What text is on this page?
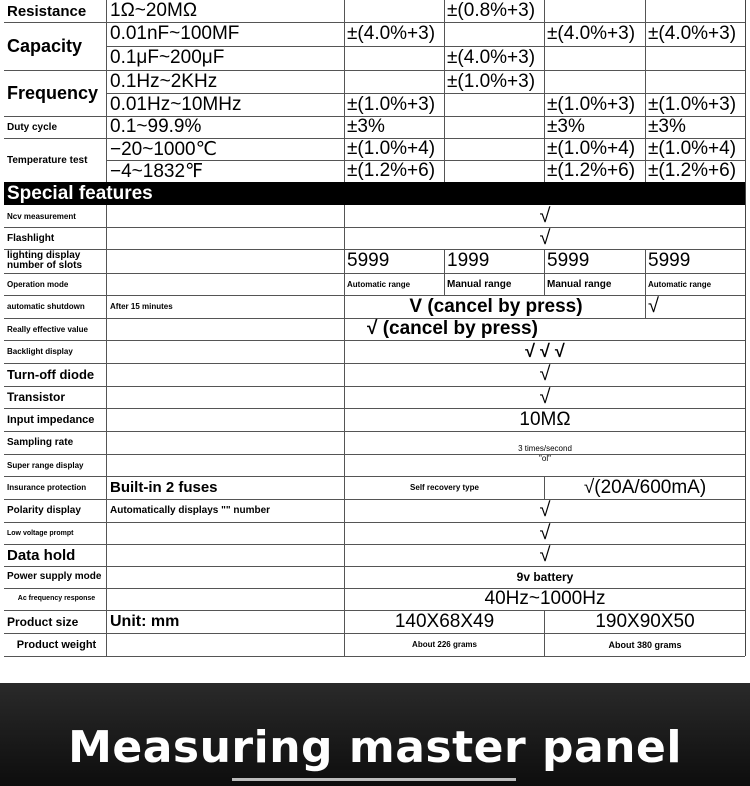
Resistance	1Ω~20MΩ	±(0.8%+3)
Capacity
0.01nF~100MF	±(4.0%+3)	±(4.0%+3) ±(4.0%+3)
0.1μF~200μF	±(4.0%+3)
Frequency
0.1Hz~2KHz	±(1.0%+3)
0.01Hz~10MHz	±(1.0%+3)	±(1.0%+3) ±(1.0%+3)
Duty cycle	0.1~99.9%	±3%	±3%	±3%
Temperature test
−20~1000℃	±(1.0%+4)	±(1.0%+4) ±(1.0%+4)
−4~1832℉	±(1.2%+6)	±(1.2%+6) ±(1.2%+6)
Special features
Ncv measurement	√
Flashlight	√
lighting display number of slots	5999	1999	5999	5999
Operation mode	Automatic range	Manual range	Manual range	Automatic range
automatic shutdown	After 15 minutes	V (cancel by press)	√
Really effective value	√ (cancel by press)
Backlight display	√ √ √
Turn-off diode	√
Transistor	√
Input impedance	10MΩ
Sampling rate
3 times/second
Super range display
"ol"
Insurance protection	Built-in 2 fuses	Self recovery type	√(20A/600mA)
Polarity display	Automatically displays "" number	√
Low voltage prompt	√
Data hold	√
Power supply mode	9v battery
Ac frequency response	40Hz~1000Hz
Product size	Unit: mm	140X68X49	190X90X50
Product weight	About 226 grams	About 380 grams
Measuring master panel
